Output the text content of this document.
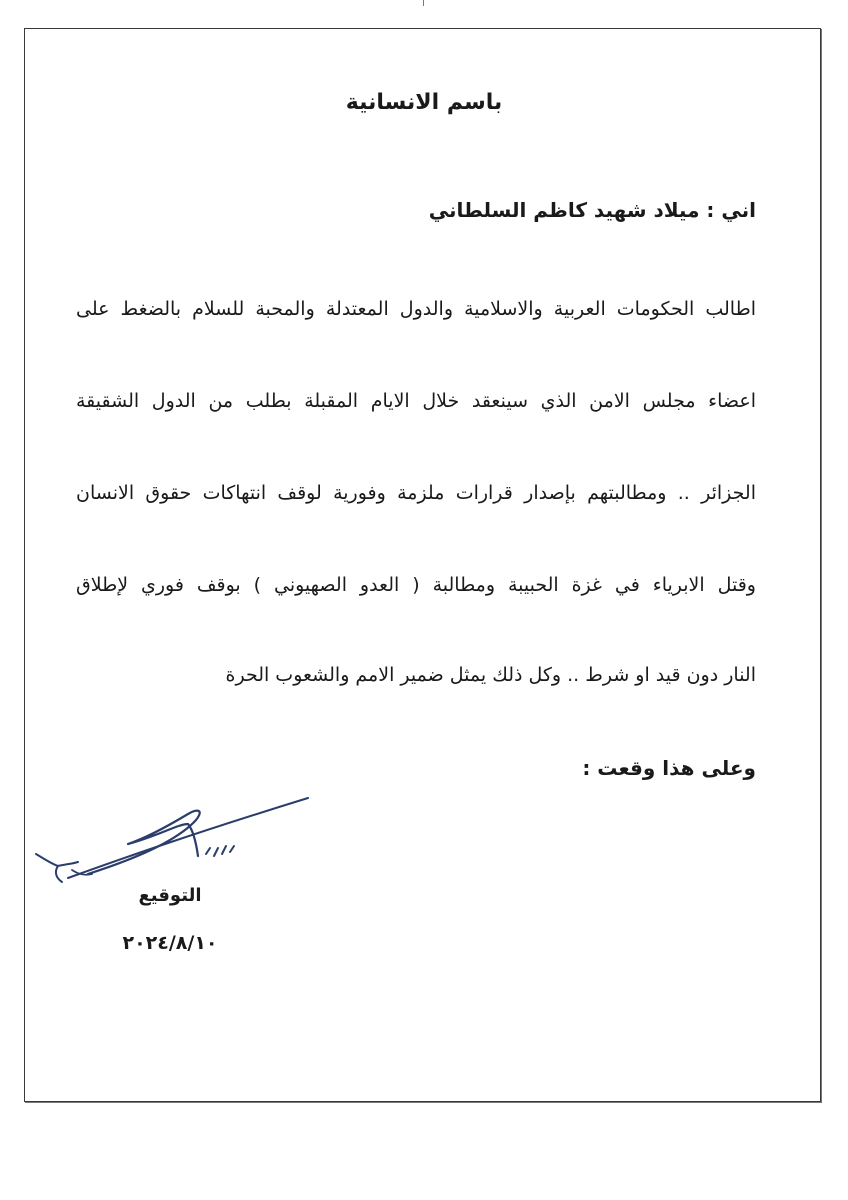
باسم الانسانية
اني : ميلاد شهيد كاظم السلطاني
اطالب الحكومات العربية والاسلامية والدول المعتدلة والمحبة للسلام بالضغط على
اعضاء مجلس الامن الذي سينعقد خلال الايام المقبلة بطلب من الدول الشقيقة
الجزائر .. ومطالبتهم بإصدار قرارات ملزمة وفورية لوقف انتهاكات حقوق الانسان
وقتل الابرياء في غزة الحبيبة ومطالبة ( العدو الصهيوني ) بوقف فوري لإطلاق
النار دون قيد او شرط .. وكل ذلك يمثل ضمير الامم والشعوب الحرة
وعلى هذا وقعت :
التوقيع
٢٠٢٤/٨/١٠
